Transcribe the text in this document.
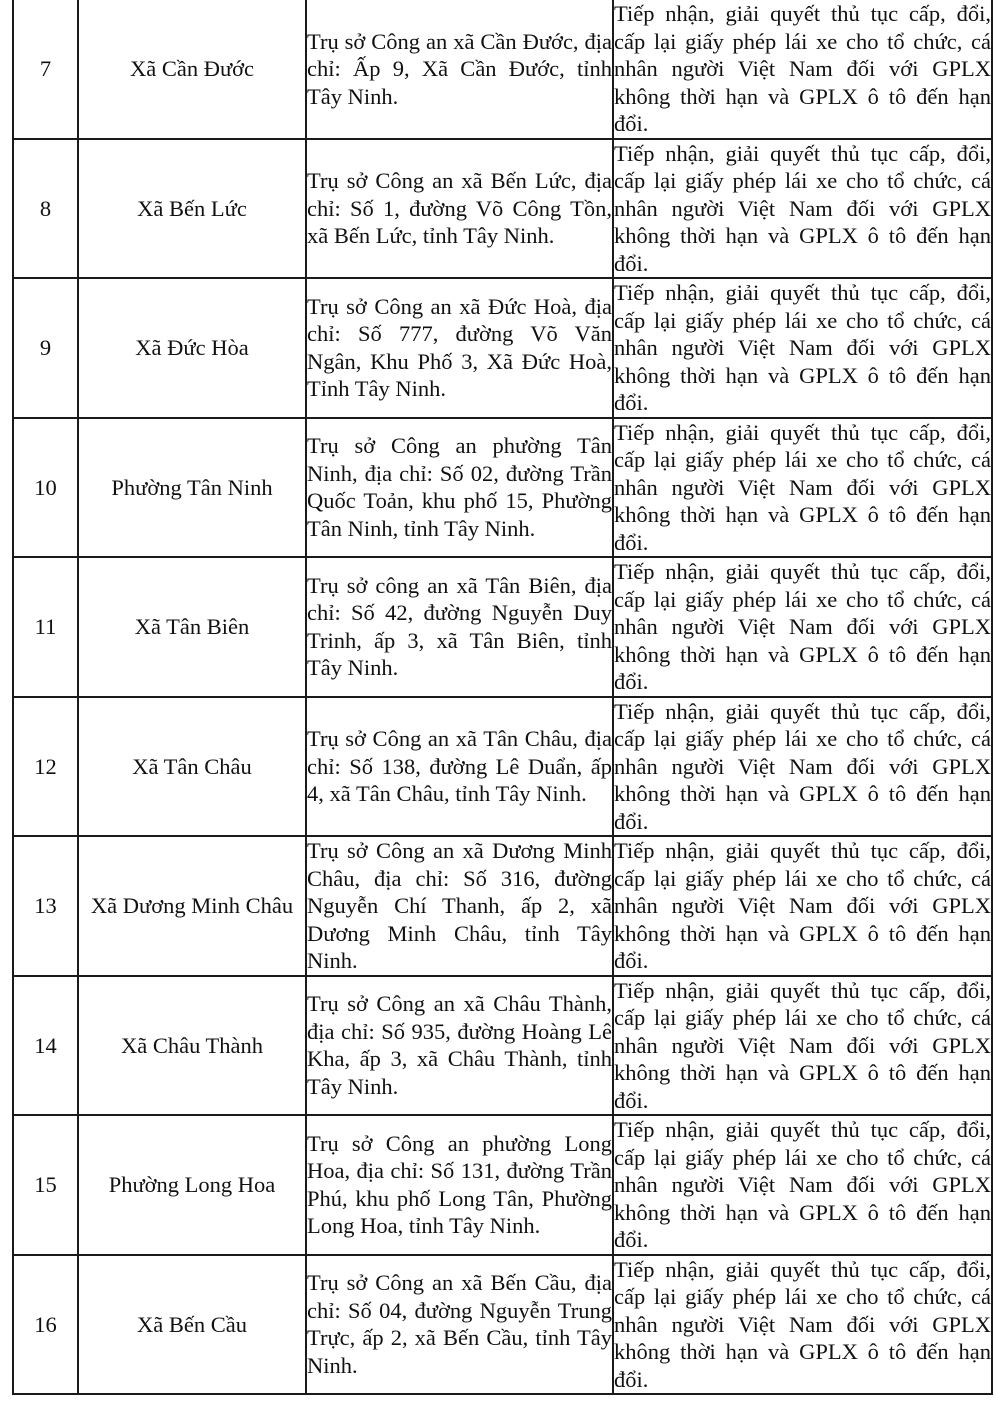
7	Xã Cần Đước	Trụ sở Công an xã Cần Đước, địa chỉ: Ấp 9, Xã Cần Đước, tỉnh Tây Ninh.	Tiếp nhận, giải quyết thủ tục cấp, đổi, cấp lại giấy phép lái xe cho tổ chức, cá nhân người Việt Nam đối với GPLX không thời hạn và GPLX ô tô đến hạn đổi.
8	Xã Bến Lức	Trụ sở Công an xã Bến Lức, địa chỉ: Số 1, đường Võ Công Tồn, xã Bến Lức, tỉnh Tây Ninh.	Tiếp nhận, giải quyết thủ tục cấp, đổi, cấp lại giấy phép lái xe cho tổ chức, cá nhân người Việt Nam đối với GPLX không thời hạn và GPLX ô tô đến hạn đổi.
9	Xã Đức Hòa	Trụ sở Công an xã Đức Hoà, địa chỉ: Số 777, đường Võ Văn Ngân, Khu Phố 3, Xã Đức Hoà, Tỉnh Tây Ninh.	Tiếp nhận, giải quyết thủ tục cấp, đổi, cấp lại giấy phép lái xe cho tổ chức, cá nhân người Việt Nam đối với GPLX không thời hạn và GPLX ô tô đến hạn đổi.
10	Phường Tân Ninh	Trụ sở Công an phường Tân Ninh, địa chỉ: Số 02, đường Trần Quốc Toản, khu phố 15, Phường Tân Ninh, tỉnh Tây Ninh.	Tiếp nhận, giải quyết thủ tục cấp, đổi, cấp lại giấy phép lái xe cho tổ chức, cá nhân người Việt Nam đối với GPLX không thời hạn và GPLX ô tô đến hạn đổi.
11	Xã Tân Biên	Trụ sở công an xã Tân Biên, địa chỉ: Số 42, đường Nguyễn Duy Trinh, ấp 3, xã Tân Biên, tỉnh Tây Ninh.	Tiếp nhận, giải quyết thủ tục cấp, đổi, cấp lại giấy phép lái xe cho tổ chức, cá nhân người Việt Nam đối với GPLX không thời hạn và GPLX ô tô đến hạn đổi.
12	Xã Tân Châu	Trụ sở Công an xã Tân Châu, địa chỉ: Số 138, đường Lê Duẩn, ấp 4, xã Tân Châu, tỉnh Tây Ninh.	Tiếp nhận, giải quyết thủ tục cấp, đổi, cấp lại giấy phép lái xe cho tổ chức, cá nhân người Việt Nam đối với GPLX không thời hạn và GPLX ô tô đến hạn đổi.
13	Xã Dương Minh Châu	Trụ sở Công an xã Dương Minh Châu, địa chỉ: Số 316, đường Nguyễn Chí Thanh, ấp 2, xã Dương Minh Châu, tỉnh Tây Ninh.	Tiếp nhận, giải quyết thủ tục cấp, đổi, cấp lại giấy phép lái xe cho tổ chức, cá nhân người Việt Nam đối với GPLX không thời hạn và GPLX ô tô đến hạn đổi.
14	Xã Châu Thành	Trụ sở Công an xã Châu Thành, địa chỉ: Số 935, đường Hoàng Lê Kha, ấp 3, xã Châu Thành, tỉnh Tây Ninh.	Tiếp nhận, giải quyết thủ tục cấp, đổi, cấp lại giấy phép lái xe cho tổ chức, cá nhân người Việt Nam đối với GPLX không thời hạn và GPLX ô tô đến hạn đổi.
15	Phường Long Hoa	Trụ sở Công an phường Long Hoa, địa chỉ: Số 131, đường Trần Phú, khu phố Long Tân, Phường Long Hoa, tỉnh Tây Ninh.	Tiếp nhận, giải quyết thủ tục cấp, đổi, cấp lại giấy phép lái xe cho tổ chức, cá nhân người Việt Nam đối với GPLX không thời hạn và GPLX ô tô đến hạn đổi.
16	Xã Bến Cầu	Trụ sở Công an xã Bến Cầu, địa chỉ: Số 04, đường Nguyễn Trung Trực, ấp 2, xã Bến Cầu, tỉnh Tây Ninh.	Tiếp nhận, giải quyết thủ tục cấp, đổi, cấp lại giấy phép lái xe cho tổ chức, cá nhân người Việt Nam đối với GPLX không thời hạn và GPLX ô tô đến hạn đổi.
